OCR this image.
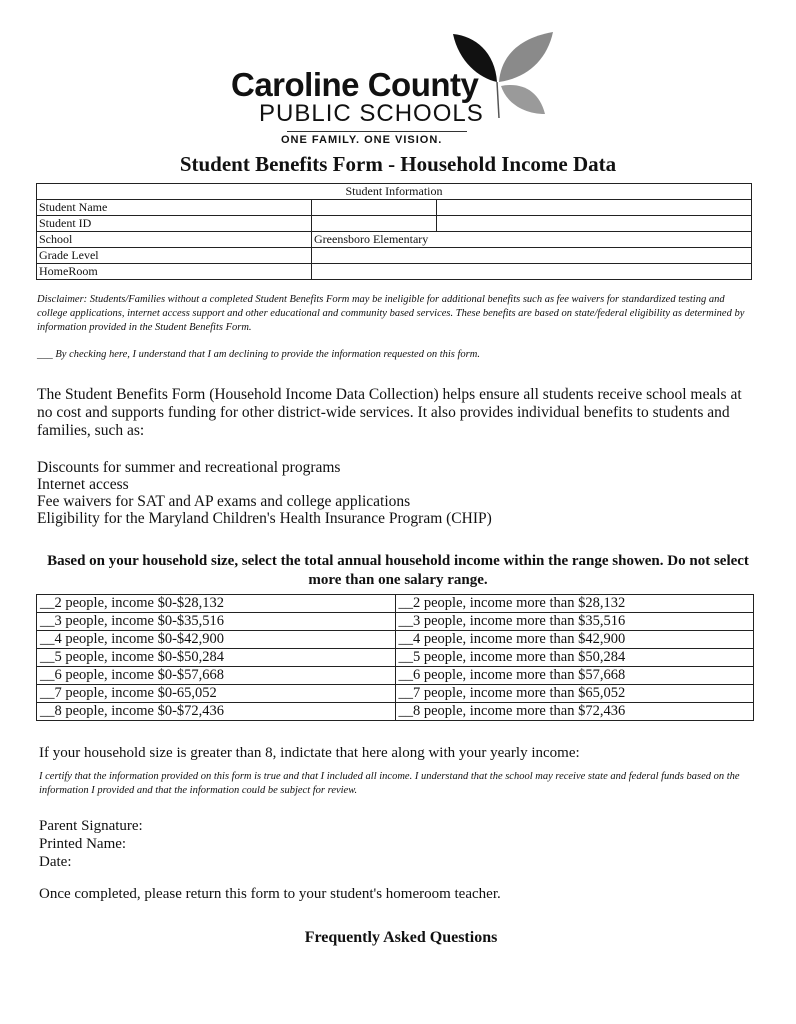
Caroline County
PUBLIC SCHOOLS
ONE FAMILY. ONE VISION.
Student Benefits Form - Household Income Data
Student Information		
Student Name		
Student ID		
School	Greensboro Elementary	
Grade Level		
HomeRoom		
Disclaimer: Students/Families without a completed Student Benefits Form may be ineligible for additional benefits such as fee waivers for standardized testing and college applications, internet access support and other educational and community based services. These benefits are based on state/federal eligibility as determined by information provided in the Student Benefits Form.
___ By checking here, I understand that I am declining to provide the information requested on this form.
The Student Benefits Form (Household Income Data Collection) helps ensure all students receive school meals at no cost and supports funding for other district-wide services. It also provides individual benefits to students and families, such as:
Discounts for summer and recreational programs
Internet access
Fee waivers for SAT and AP exams and college applications
Eligibility for the Maryland Children's Health Insurance Program (CHIP)
Based on your household size, select the total annual household income within the range showen. Do not select more than one salary range.
__2 people, income $0-$28,132	__2 people, income more than $28,132
__3 people, income $0-$35,516	__3 people, income more than $35,516
__4 people, income $0-$42,900	__4 people, income more than $42,900
__5 people, income $0-$50,284	__5 people, income more than $50,284
__6 people, income $0-$57,668	__6 people, income more than $57,668
__7 people, income $0-65,052	__7 people, income more than $65,052
__8 people, income $0-$72,436	__8 people, income more than $72,436
If your household size is greater than 8, indictate that here along with your yearly income:
I certify that the information provided on this form is true and that I included all income. I understand that the school may receive state and federal funds based on the information I provided and that the information could be subject for review.
Parent Signature:
Printed Name:
Date:
Once completed, please return this form to your student's homeroom teacher.
Frequently Asked Questions
